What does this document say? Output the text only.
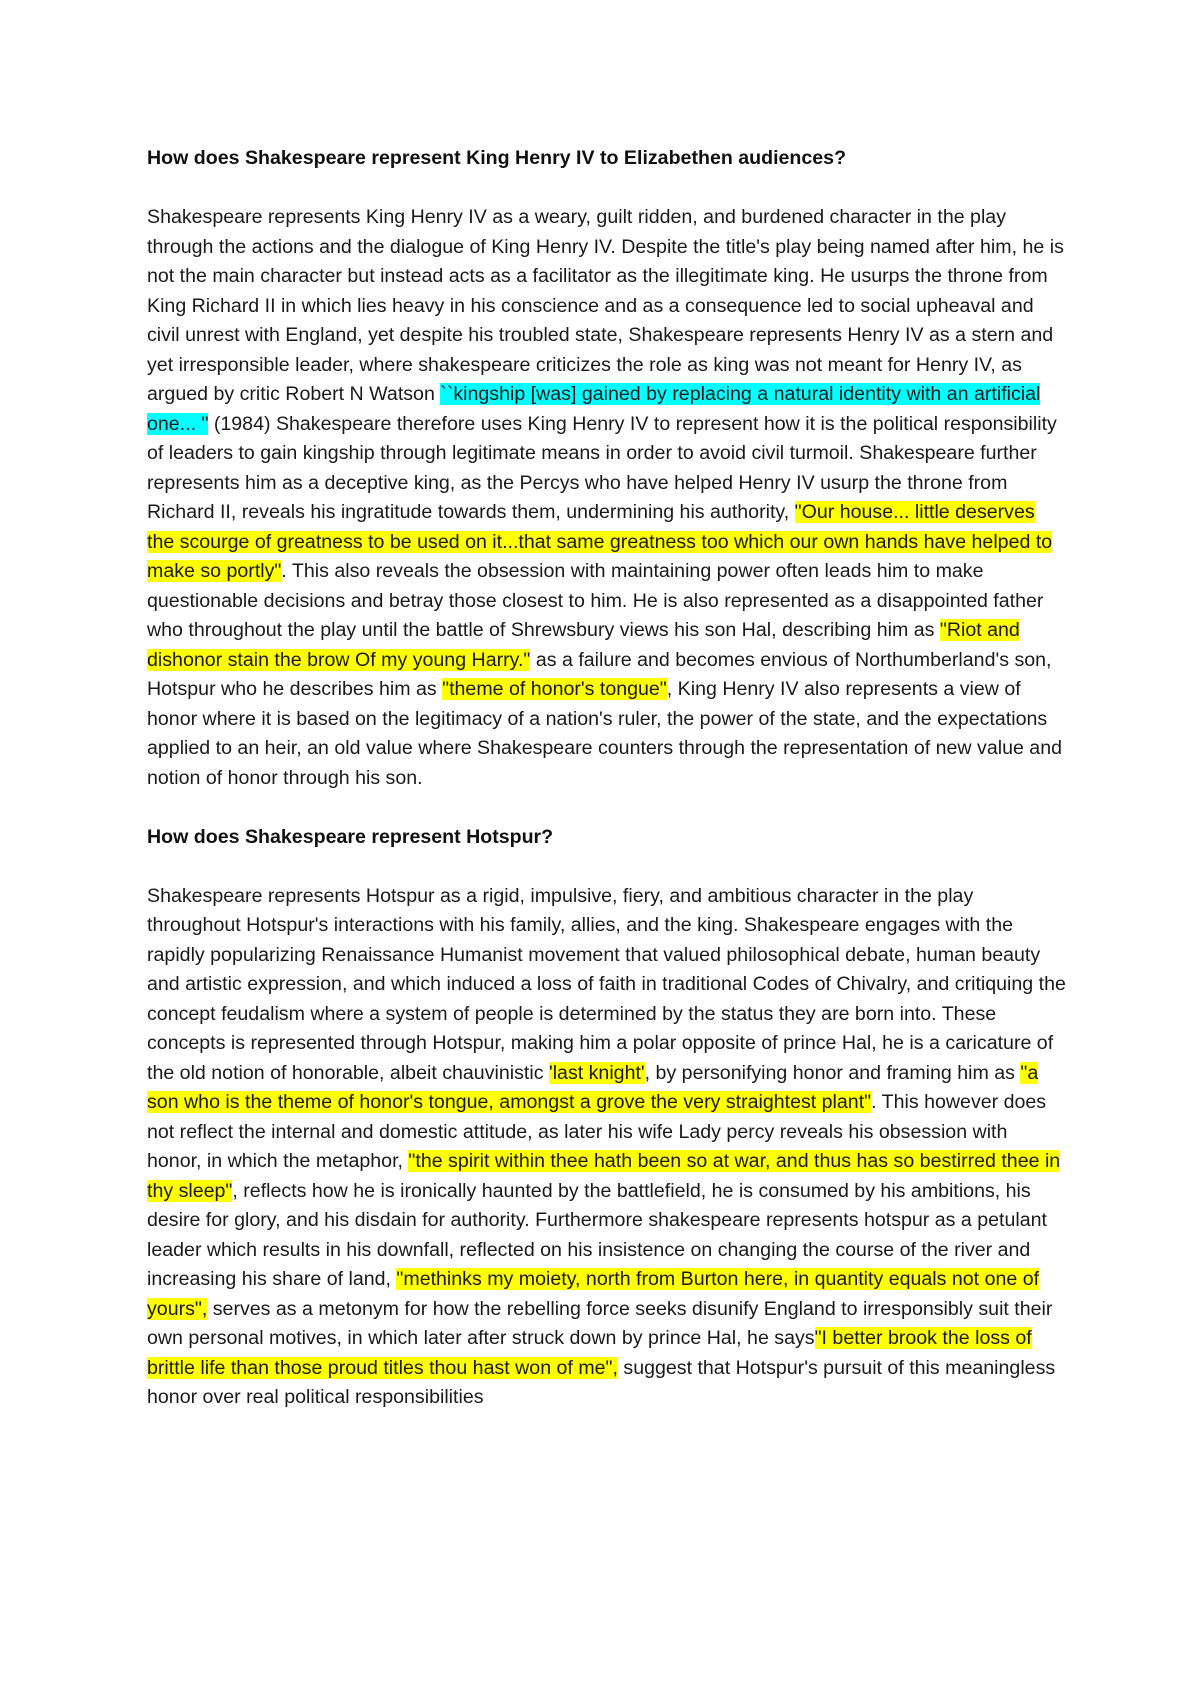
How does Shakespeare represent King Henry IV to Elizabethen audiences?

Shakespeare represents King Henry IV as a weary, guilt ridden, and burdened character in the play through the actions and the dialogue of King Henry IV. Despite the title's play being named after him, he is not the main character but instead acts as a facilitator as the illegitimate king. He usurps the throne from King Richard II in which lies heavy in his conscience and as a consequence led to social upheaval and civil unrest with England, yet despite his troubled state, Shakespeare represents Henry IV as a stern and yet irresponsible leader, where shakespeare criticizes the role as king was not meant for Henry IV, as argued by critic Robert N Watson ``kingship [was] gained by replacing a natural identity with an artificial one... " (1984) Shakespeare therefore uses King Henry IV to represent how it is the political responsibility of leaders to gain kingship through legitimate means in order to avoid civil turmoil. Shakespeare further represents him as a deceptive king, as the Percys who have helped Henry IV usurp the throne from Richard II, reveals his ingratitude towards them, undermining his authority, "Our house... little deserves the scourge of greatness to be used on it...that same greatness too which our own hands have helped to make so portly". This also reveals the obsession with maintaining power often leads him to make questionable decisions and betray those closest to him. He is also represented as a disappointed father who throughout the play until the battle of Shrewsbury views his son Hal, describing him as "Riot and dishonor stain the brow Of my young Harry." as a failure and becomes envious of Northumberland's son, Hotspur who he describes him as "theme of honor's tongue", King Henry IV also represents a view of honor where it is based on the legitimacy of a nation's ruler, the power of the state, and the expectations applied to an heir, an old value where Shakespeare counters through the representation of new value and notion of honor through his son.

How does Shakespeare represent Hotspur?

Shakespeare represents Hotspur as a rigid, impulsive, fiery, and ambitious character in the play throughout Hotspur's interactions with his family, allies, and the king. Shakespeare engages with the rapidly popularizing Renaissance Humanist movement that valued philosophical debate, human beauty and artistic expression, and which induced a loss of faith in traditional Codes of Chivalry, and critiquing the concept feudalism where a system of people is determined by the status they are born into. These concepts is represented through Hotspur, making him a polar opposite of prince Hal, he is a caricature of the old notion of honorable, albeit chauvinistic 'last knight', by personifying honor and framing him as "a son who is the theme of honor's tongue, amongst a grove the very straightest plant". This however does not reflect the internal and domestic attitude, as later his wife Lady percy reveals his obsession with honor, in which the metaphor, "the spirit within thee hath been so at war, and thus has so bestirred thee in thy sleep", reflects how he is ironically haunted by the battlefield, he is consumed by his ambitions, his desire for glory, and his disdain for authority. Furthermore shakespeare represents hotspur as a petulant leader which results in his downfall, reflected on his insistence on changing the course of the river and increasing his share of land, "methinks my moiety, north from Burton here, in quantity equals not one of yours", serves as a metonym for how the rebelling force seeks disunify England to irresponsibly suit their own personal motives, in which later after struck down by prince Hal, he says"I better brook the loss of brittle life than those proud titles thou hast won of me", suggest that Hotspur's pursuit of this meaningless honor over real political responsibilities
